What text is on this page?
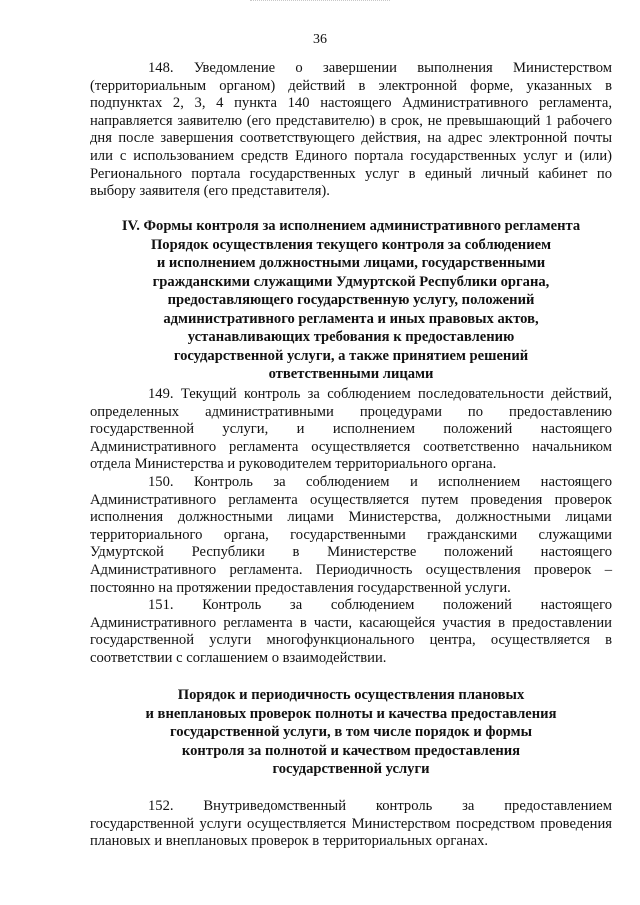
36

148. Уведомление о завершении выполнения Министерством (территориальным органом) действий в электронной форме, указанных в подпунктах 2, 3, 4 пункта 140 настоящего Административного регламента, направляется заявителю (его представителю) в срок, не превышающий 1 рабочего дня после завершения соответствующего действия, на адрес электронной почты или с использованием средств Единого портала государственных услуг и (или) Регионального портала государственных услуг в единый личный кабинет по выбору заявителя (его представителя).

IV. Формы контроля за исполнением административного регламента
Порядок осуществления текущего контроля за соблюдением
и исполнением должностными лицами, государственными
гражданскими служащими Удмуртской Республики органа,
предоставляющего государственную услугу, положений
административного регламента и иных правовых актов,
устанавливающих требования к предоставлению
государственной услуги, а также принятием решений
ответственными лицами

149. Текущий контроль за соблюдением последовательности действий, определенных административными процедурами по предоставлению государственной услуги, и исполнением положений настоящего Административного регламента осуществляется соответственно начальником отдела Министерства и руководителем территориального органа.

150. Контроль за соблюдением и исполнением настоящего Административного регламента осуществляется путем проведения проверок исполнения должностными лицами Министерства, должностными лицами территориального органа, государственными гражданскими служащими Удмуртской Республики в Министерстве положений настоящего Административного регламента. Периодичность осуществления проверок – постоянно на протяжении предоставления государственной услуги.

151. Контроль за соблюдением положений настоящего Административного регламента в части, касающейся участия в предоставлении государственной услуги многофункционального центра, осуществляется в соответствии с соглашением о взаимодействии.

Порядок и периодичность осуществления плановых
и внеплановых проверок полноты и качества предоставления
государственной услуги, в том числе порядок и формы
контроля за полнотой и качеством предоставления
государственной услуги

152. Внутриведомственный контроль за предоставлением государственной услуги осуществляется Министерством посредством проведения плановых и внеплановых проверок в территориальных органах.
